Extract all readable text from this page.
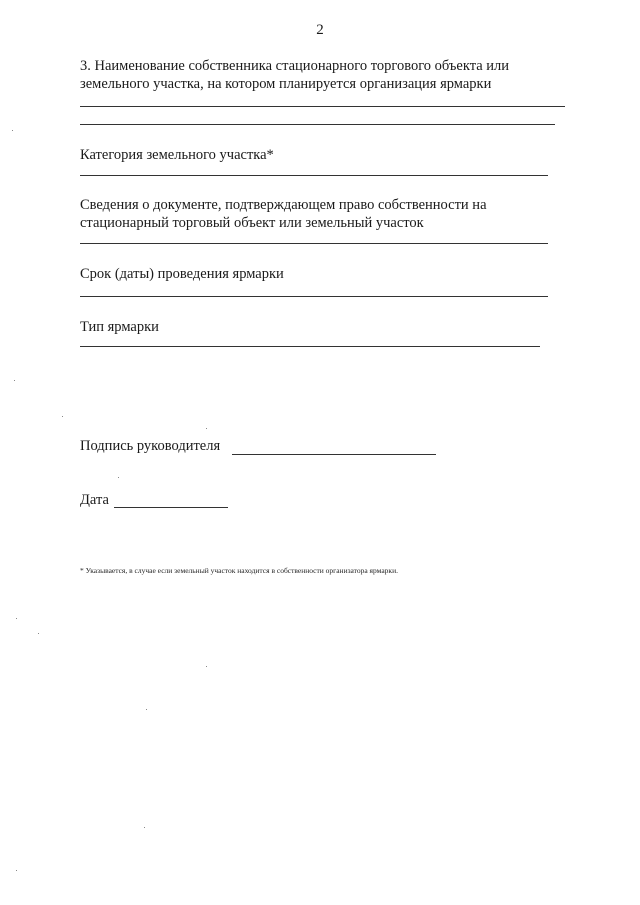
2
3. Наименование собственника стационарного торгового объекта или
земельного участка, на котором планируется организация ярмарки
Категория земельного участка*
Сведения о документе, подтверждающем право собственности на
стационарный торговый объект или земельный участок
Срок (даты) проведения ярмарки
Тип ярмарки
Подпись руководителя
Дата
* Указывается, в случае если земельный участок находится в собственности организатора ярмарки.
